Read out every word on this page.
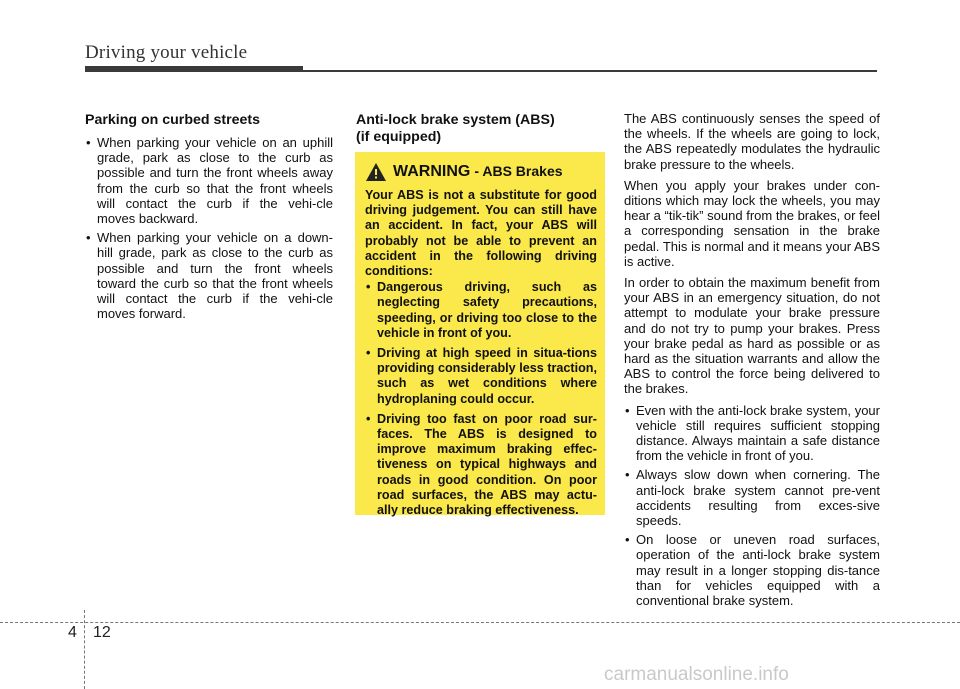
Driving your vehicle
Parking on curbed streets
• When parking your vehicle on an uphill grade, park as close to the curb as possible and turn the front wheels away from the curb so that the front wheels will contact the curb if the vehi-cle moves backward.
• When parking your vehicle on a down-hill grade, park as close to the curb as possible and turn the front wheels toward the curb so that the front wheels will contact the curb if the vehi-cle moves forward.
Anti-lock brake system (ABS)
(if equipped)
WARNING - ABS Brakes

Your ABS is not a substitute for good driving judgement. You can still have an accident. In fact, your ABS will probably not be able to prevent an accident in the following driving conditions:

• Dangerous driving, such as neglecting safety precautions, speeding, or driving too close to the vehicle in front of you.
• Driving at high speed in situa-tions providing considerably less traction, such as wet conditions where hydroplaning could occur.
• Driving too fast on poor road sur-faces. The ABS is designed to improve maximum braking effec-tiveness on typical highways and roads in good condition. On poor road surfaces, the ABS may actu-ally reduce braking effectiveness.

The ABS continuously senses the speed of the wheels. If the wheels are going to lock, the ABS repeatedly modulates the hydraulic brake pressure to the wheels.

When you apply your brakes under con-ditions which may lock the wheels, you may hear a “tik-tik” sound from the brakes, or feel a corresponding sensation in the brake pedal. This is normal and it means your ABS is active.

In order to obtain the maximum benefit from your ABS in an emergency situation, do not attempt to modulate your brake pressure and do not try to pump your brakes. Press your brake pedal as hard as possible or as hard as the situation warrants and allow the ABS to control the force being delivered to the brakes.

• Even with the anti-lock brake system, your vehicle still requires sufficient stopping distance. Always maintain a safe distance from the vehicle in front of you.
• Always slow down when cornering. The anti-lock brake system cannot pre-vent accidents resulting from exces-sive speeds.
• On loose or uneven road surfaces, operation of the anti-lock brake system may result in a longer stopping dis-tance than for vehicles equipped with a conventional brake system.
4 12
carmanualsonline.info
